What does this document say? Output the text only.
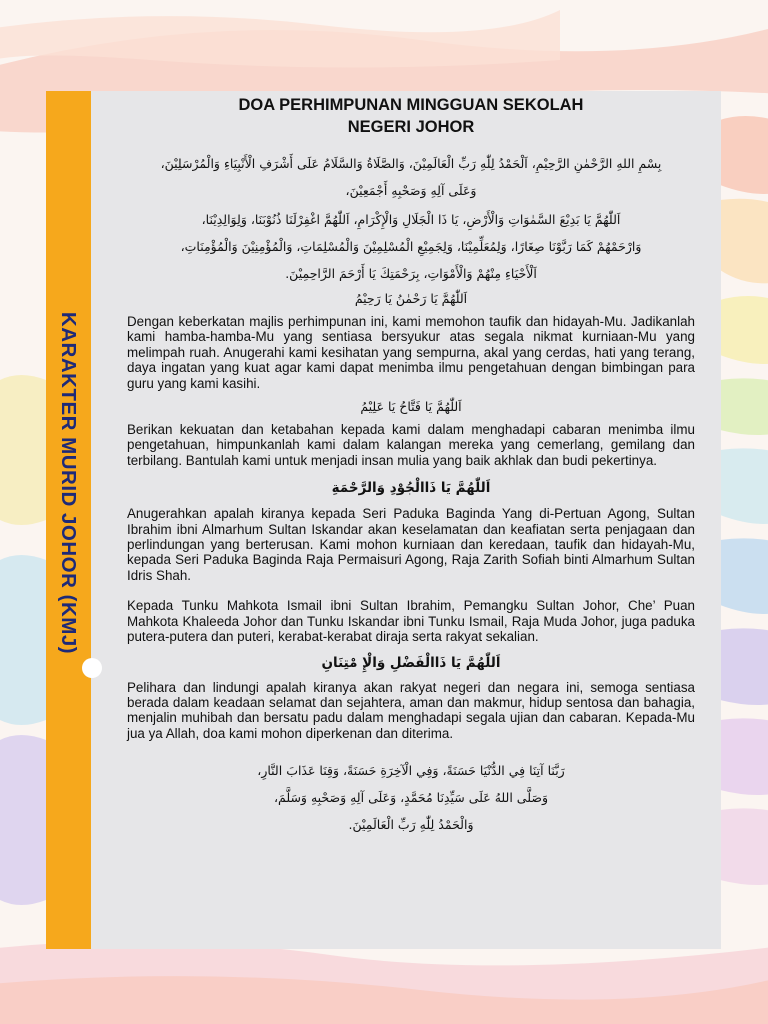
KARAKTER MURID JOHOR (KMJ)
DOA PERHIMPUNAN MINGGUAN SEKOLAH
NEGERI JOHOR
بِسْمِ اللهِ الرَّحْمٰنِ الرَّحِيْمِ، اَلْحَمْدُ لِلّٰهِ رَبِّ الْعَالَمِيْنَ، وَالصَّلَاةُ وَالسَّلَامُ عَلَى أَشْرَفِ الْأَنْبِيَاءِ وَالْمُرْسَلِيْنَ،
وَعَلَى آلِهِ وَصَحْبِهِ أَجْمَعِيْنَ،
اَللّٰهُمَّ يَا بَدِيْعَ السَّمٰوَاتِ وَالْأَرْضِ، يَا ذَا الْجَلَالِ وَالْإِكْرَامِ، اَللّٰهُمَّ اغْفِرْلَنَا ذُنُوْبَنَا، وَلِوَالِدِيْنَا،
وَارْحَمْهُمْ كَمَا رَبَّوْنَا صِغَارًا، وَلِمُعَلِّمِيْنَا، وَلِجَمِيْعِ الْمُسْلِمِيْنَ وَالْمُسْلِمَاتِ، وَالْمُؤْمِنِيْنَ وَالْمُؤْمِنَاتِ،
اَلْأَحْيَاءِ مِنْهُمْ وَالْأَمْوَاتِ، بِرَحْمَتِكَ يَا أَرْحَمَ الرَّاحِمِيْنَ.
اَللّٰهُمَّ يَا رَحْمٰنُ يَا رَحِيْمُ

Dengan keberkatan majlis perhimpunan ini, kami memohon taufik dan hidayah-Mu. Jadikanlah kami hamba-hamba-Mu yang sentiasa bersyukur atas segala nikmat kurniaan-Mu yang melimpah ruah. Anugerahi kami kesihatan yang sempurna, akal yang cerdas, hati yang terang, daya ingatan yang kuat agar kami dapat menimba ilmu pengetahuan dengan bimbingan para guru yang kami kasihi.

اَللّٰهُمَّ يَا فَتَّاحُ يَا عَلِيْمُ

Berikan kekuatan dan ketabahan kepada kami dalam menghadapi cabaran menimba ilmu pengetahuan, himpunkanlah kami dalam kalangan mereka yang cemerlang, gemilang dan terbilang. Bantulah kami untuk menjadi insan mulia yang baik akhlak dan budi pekertinya.

اَللّٰهُمَّ يَا ذَاالْجُوْدِ وَالرَّحْمَةِ

Anugerahkan apalah kiranya kepada Seri Paduka Baginda Yang di-Pertuan Agong, Sultan Ibrahim ibni Almarhum Sultan Iskandar akan keselamatan dan keafiatan serta penjagaan dan perlindungan yang berterusan. Kami mohon kurniaan dan keredaan, taufik dan hidayah-Mu, kepada Seri Paduka Baginda Raja Permaisuri Agong, Raja Zarith Sofiah binti Almarhum Sultan Idris Shah.

Kepada Tunku Mahkota Ismail ibni Sultan Ibrahim, Pemangku Sultan Johor, Che’ Puan Mahkota Khaleeda Johor dan Tunku Iskandar ibni Tunku Ismail, Raja Muda Johor, juga paduka putera-putera dan puteri, kerabat-kerabat diraja serta rakyat sekalian.

اَللّٰهُمَّ يَا ذَاالْفَضْلِ وَالْإِ مْتِنَانِ

Pelihara dan lindungi apalah kiranya akan rakyat negeri dan negara ini, semoga sentiasa berada dalam keadaan selamat dan sejahtera, aman dan makmur, hidup sentosa dan bahagia, menjalin muhibah dan bersatu padu dalam menghadapi segala ujian dan cabaran. Kepada-Mu jua ya Allah, doa kami mohon diperkenan dan diterima.

رَبَّنَا آتِنَا فِي الدُّنْيَا حَسَنَةً، وَفِي الْآخِرَةِ حَسَنَةً، وَقِنَا عَذَابَ النَّارِ،
وَصَلَّى اللهُ عَلَى سَيِّدِنَا مُحَمَّدٍ، وَعَلَى آلِهِ وَصَحْبِهِ وَسَلَّمَ،
وَالْحَمْدُ لِلّٰهِ رَبِّ الْعَالَمِيْنَ.
